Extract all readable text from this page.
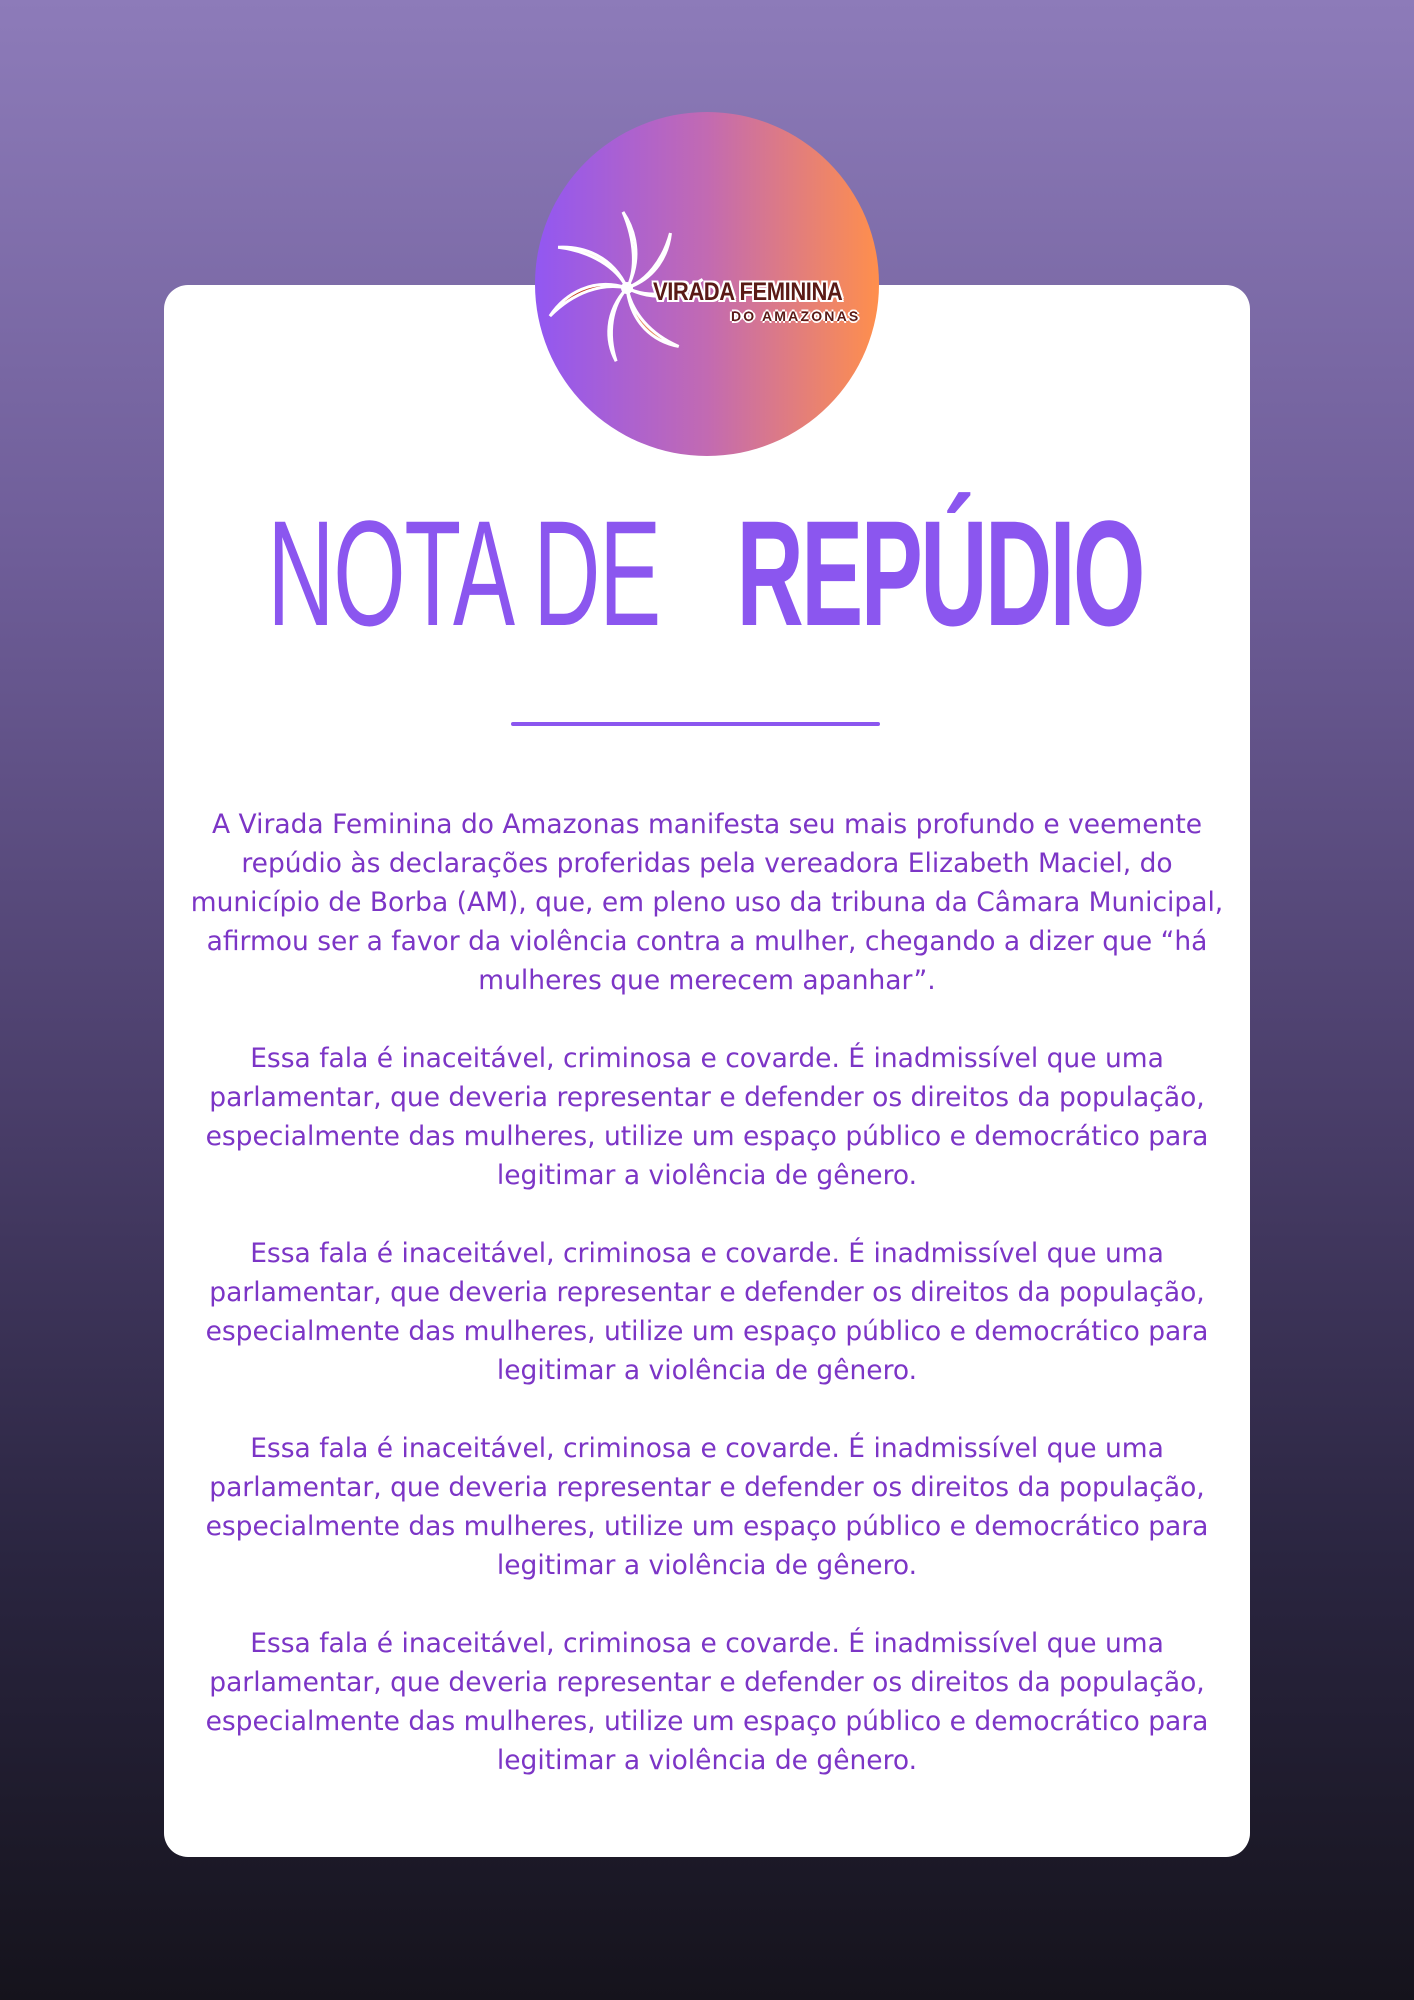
VIRADA FEMININA
DO AMAZONAS
NOTA DE REPÚDIO

A Virada Feminina do Amazonas manifesta seu mais profundo e veemente repúdio às declarações proferidas pela vereadora Elizabeth Maciel, do município de Borba (AM), que, em pleno uso da tribuna da Câmara Municipal, afirmou ser a favor da violência contra a mulher, chegando a dizer que “há mulheres que merecem apanhar”.

Essa fala é inaceitável, criminosa e covarde. É inadmissível que uma parlamentar, que deveria representar e defender os direitos da população, especialmente das mulheres, utilize um espaço público e democrático para legitimar a violência de gênero.

Essa fala é inaceitável, criminosa e covarde. É inadmissível que uma parlamentar, que deveria representar e defender os direitos da população, especialmente das mulheres, utilize um espaço público e democrático para legitimar a violência de gênero.

Essa fala é inaceitável, criminosa e covarde. É inadmissível que uma parlamentar, que deveria representar e defender os direitos da população, especialmente das mulheres, utilize um espaço público e democrático para legitimar a violência de gênero.

Essa fala é inaceitável, criminosa e covarde. É inadmissível que uma parlamentar, que deveria representar e defender os direitos da população, especialmente das mulheres, utilize um espaço público e democrático para legitimar a violência de gênero.
